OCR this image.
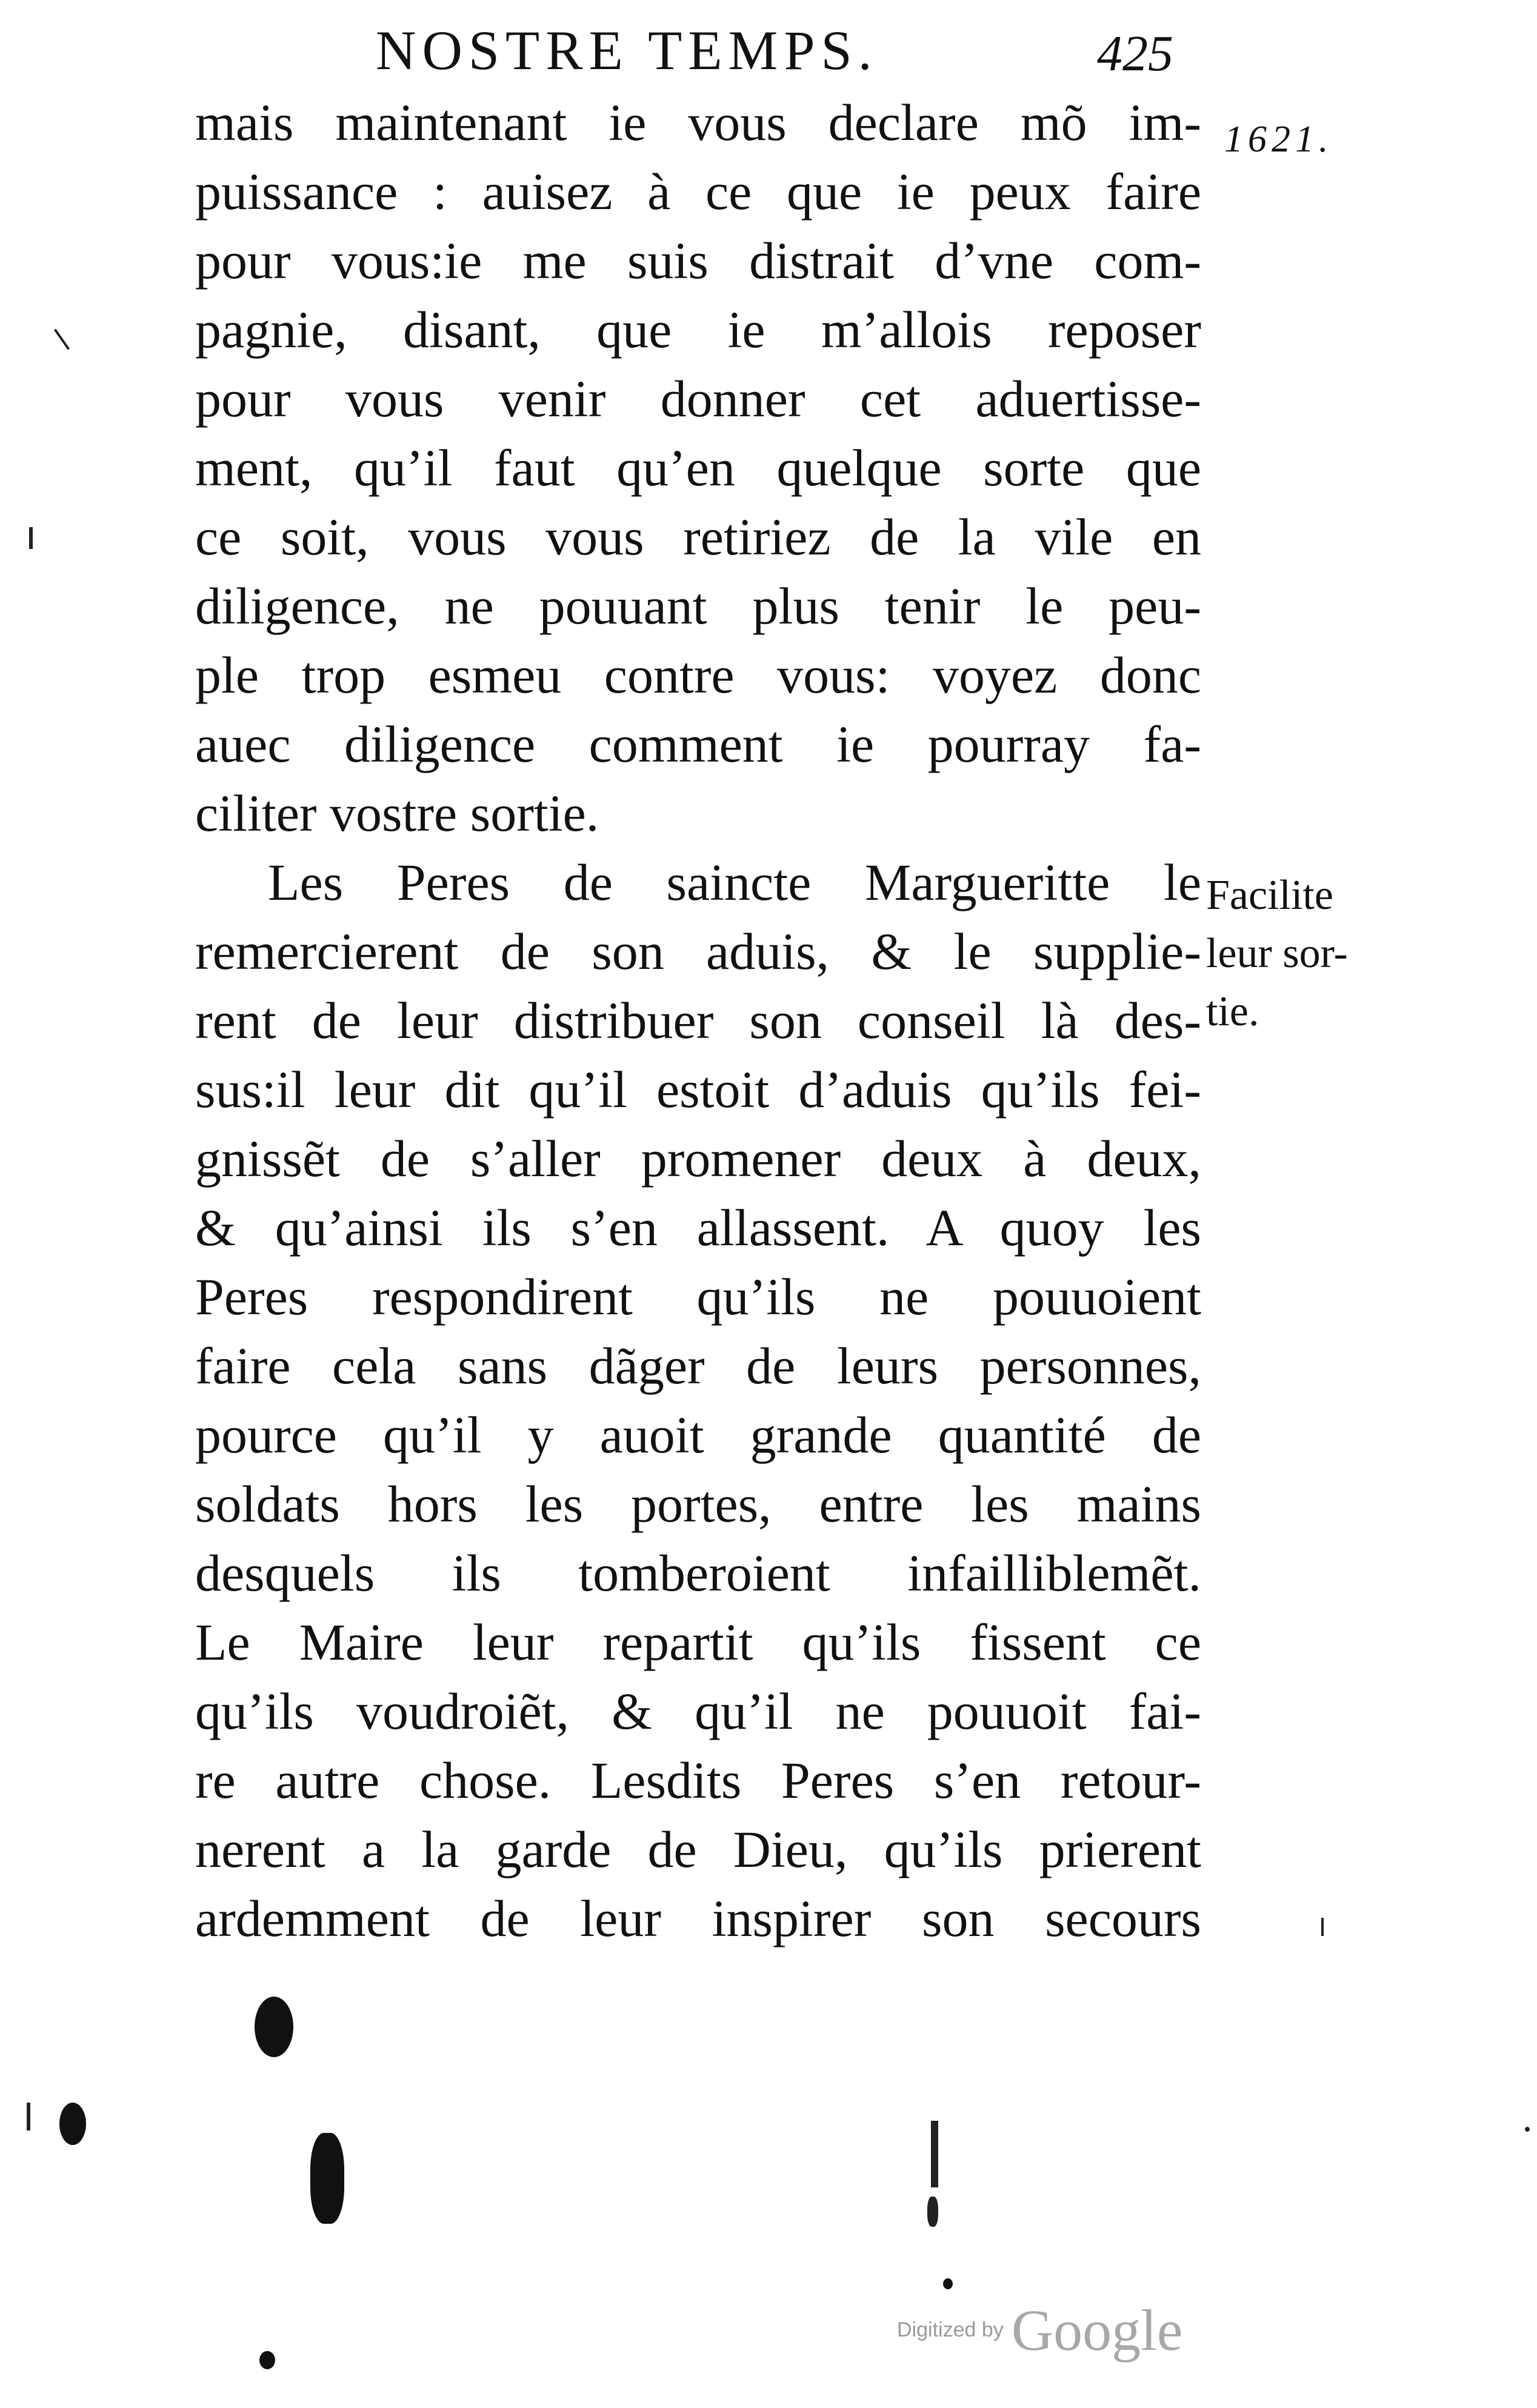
NOSTRE TEMPS.	425
1621.
mais maintenant ie vous declare mõ im-
puissance : auisez à ce que ie peux faire
pour vous:ie me suis distrait d’vne com-
pagnie, disant, que ie m’allois reposer
pour vous venir donner cet aduertisse-
ment, qu’il faut qu’en quelque sorte que
ce soit, vous vous retiriez de la vile en
diligence, ne pouuant plus tenir le peu-
ple trop esmeu contre vous: voyez donc
auec diligence comment ie pourray fa-
ciliter vostre sortie.
Les Peres de saincte Margueritte le
remercierent de son aduis, & le supplie-
rent de leur distribuer son conseil là des-
sus:il leur dit qu’il estoit d’aduis qu’ils fei-
gnissẽt de s’aller promener deux à deux,
& qu’ainsi ils s’en allassent. A quoy les
Peres respondirent qu’ils ne pouuoient
faire cela sans dãger de leurs personnes,
pource qu’il y auoit grande quantité de
soldats hors les portes, entre les mains
desquels ils tomberoient infailliblemẽt.
Le Maire leur repartit qu’ils fissent ce
qu’ils voudroiẽt, & qu’il ne pouuoit fai-
re autre chose. Lesdits Peres s’en retour-
nerent a la garde de Dieu, qu’ils prierent
ardemment de leur inspirer son secours
Facilite
leur sor-
tie.
Digitized by Google
